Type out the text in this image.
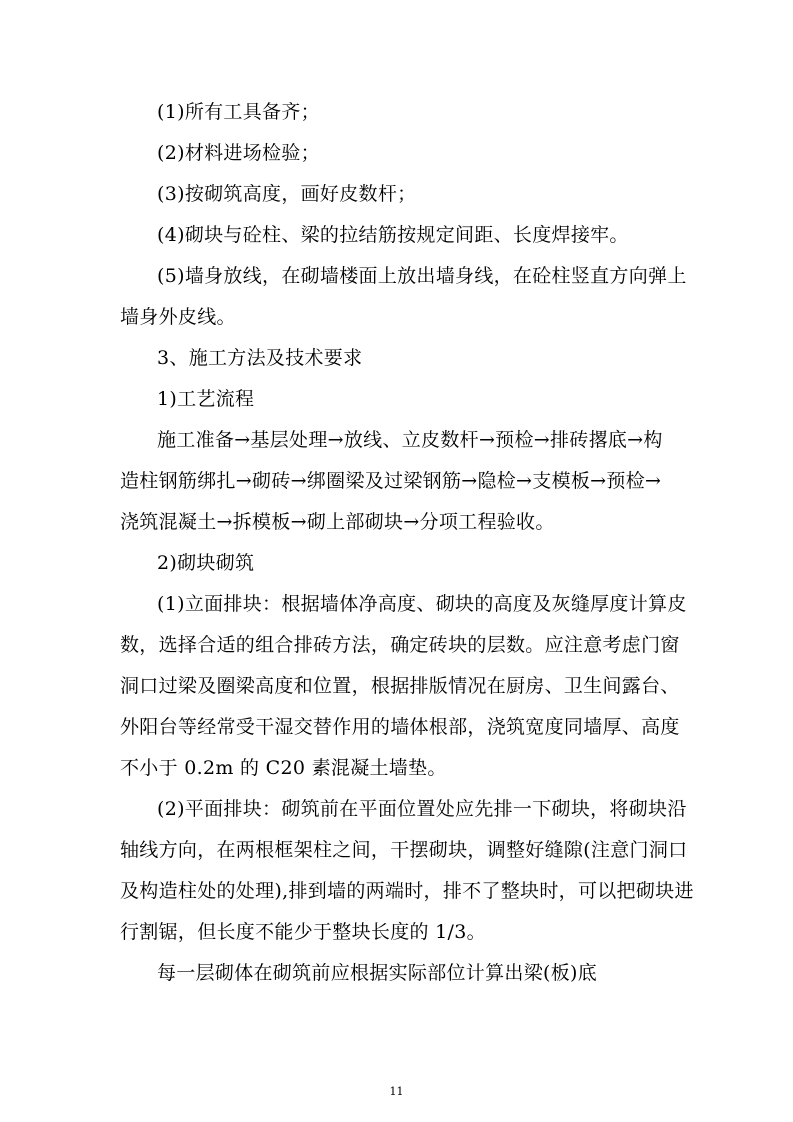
(1)所有工具备齐；
(2)材料进场检验；
(3)按砌筑高度，画好皮数杆；
(4)砌块与砼柱、梁的拉结筋按规定间距、长度焊接牢。
(5)墙身放线，在砌墙楼面上放出墙身线，在砼柱竖直方向弹上
墙身外皮线。
3、施工方法及技术要求
1)工艺流程
施工准备→基层处理→放线、立皮数杆→预检→排砖撂底→构
造柱钢筋绑扎→砌砖→绑圈梁及过梁钢筋→隐检→支模板→预检→
浇筑混凝土→拆模板→砌上部砌块→分项工程验收。
2)砌块砌筑
(1)立面排块：根据墙体净高度、砌块的高度及灰缝厚度计算皮
数，选择合适的组合排砖方法，确定砖块的层数。应注意考虑门窗
洞口过梁及圈梁高度和位置，根据排版情况在厨房、卫生间露台、
外阳台等经常受干湿交替作用的墙体根部，浇筑宽度同墙厚、高度
不小于 0.2m 的 C20 素混凝土墙垫。
(2)平面排块：砌筑前在平面位置处应先排一下砌块，将砌块沿
轴线方向，在两根框架柱之间，干摆砌块，调整好缝隙(注意门洞口
及构造柱处的处理),排到墙的两端时，排不了整块时，可以把砌块进
行割锯，但长度不能少于整块长度的 1/3。
每一层砌体在砌筑前应根据实际部位计算出梁(板)底
11
